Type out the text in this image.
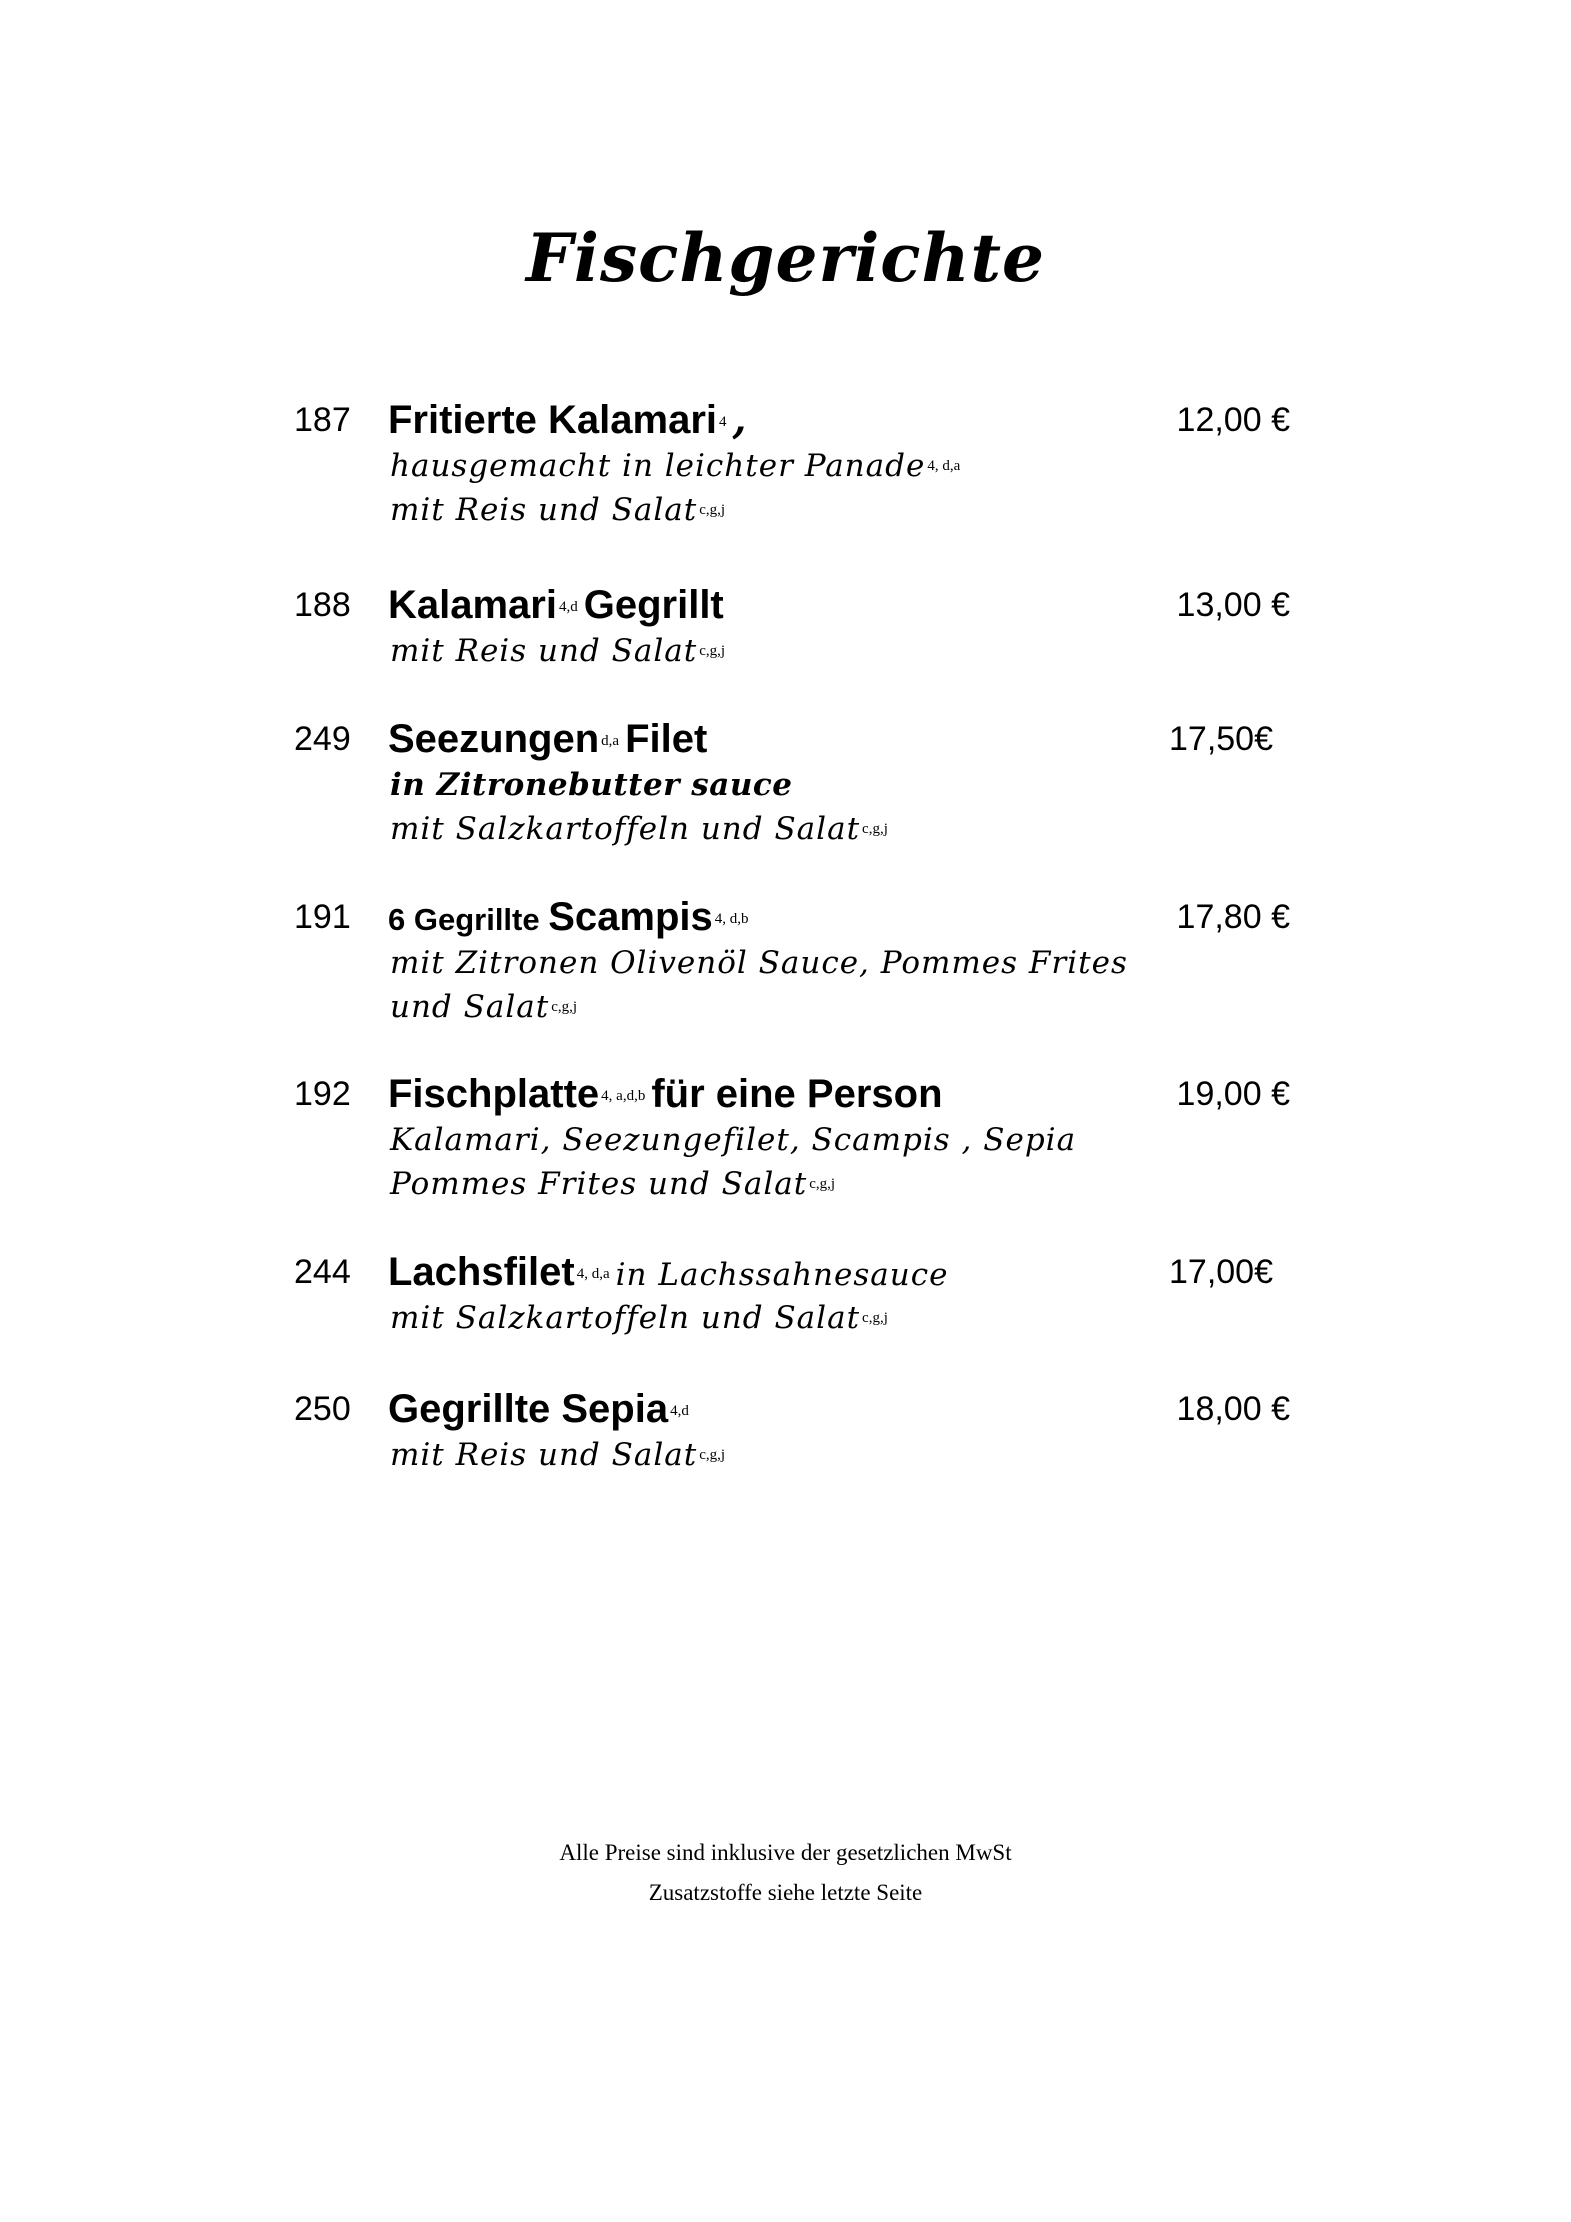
Fischgerichte
187 Fritierte Kalamari $^4$ ,	12,00 €
hausgemacht in leichter Panade $^{4, d,a}$
mit Reis und Salat $^{c,g,j}$
188 Kalamari $^{4,d}$ Gegrillt	13,00 €
mit Reis und Salat $^{c,g,j}$
249 Seezungen $^{d,a}$ Filet	17,50€
in Zitronebutter sauce
mit Salzkartoffeln und Salat $^{c,g,j}$
191 6 Gegrillte Scampis $^{4, d,b}$	17,80 €
mit Zitronen Olivenöl Sauce, Pommes Frites
und Salat $^{c,g,j}$
192 Fischplatte $^{4, a,d,b}$ für eine Person	19,00 €
Kalamari, Seezungefilet, Scampis , Sepia
Pommes Frites und Salat $^{c,g,j}$
244 Lachsfilet $^{4, d,a}$ in Lachssahnesauce	17,00€
mit Salzkartoffeln und Salat $^{c,g,j}$
250 Gegrillte Sepia $^{4,d}$	18,00 €
mit Reis und Salat $^{c,g,j}$
Alle Preise sind inklusive der gesetzlichen MwSt
Zusatzstoffe siehe letzte Seite
